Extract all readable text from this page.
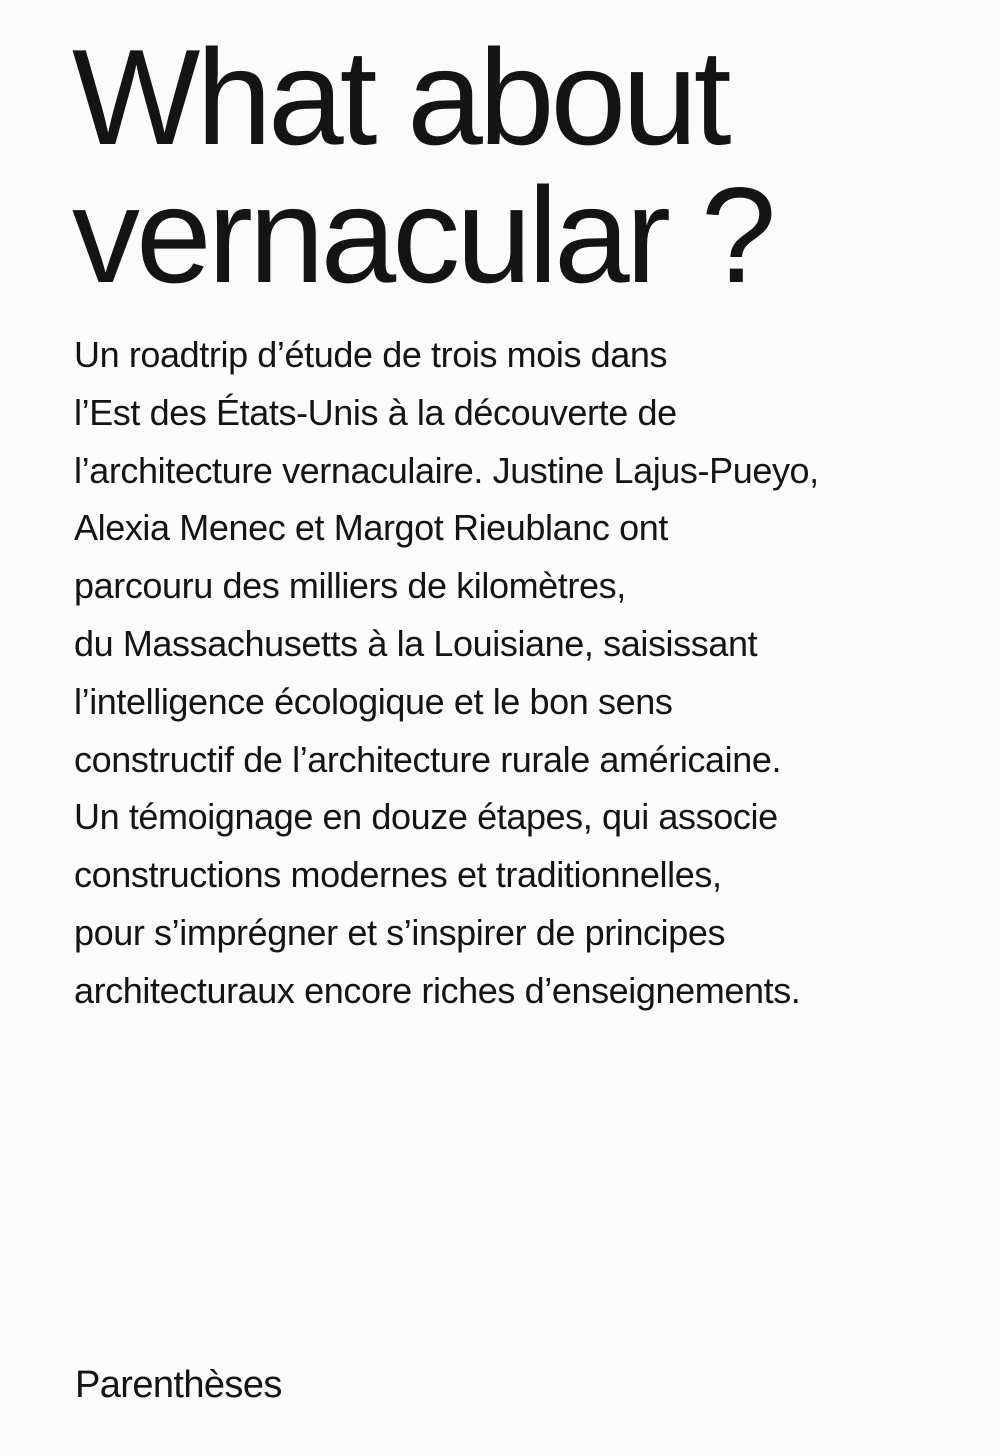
What about
vernacular ?

Un roadtrip d’étude de trois mois dans
l’Est des États-Unis à la découverte de
l’architecture vernaculaire. Justine Lajus-Pueyo,
Alexia Menec et Margot Rieublanc ont
parcouru des milliers de kilomètres,
du Massachusetts à la Louisiane, saisissant
l’intelligence écologique et le bon sens
constructif de l’architecture rurale américaine.
Un témoignage en douze étapes, qui associe
constructions modernes et traditionnelles,
pour s’imprégner et s’inspirer de principes
architecturaux encore riches d’enseignements.

Parenthèses
